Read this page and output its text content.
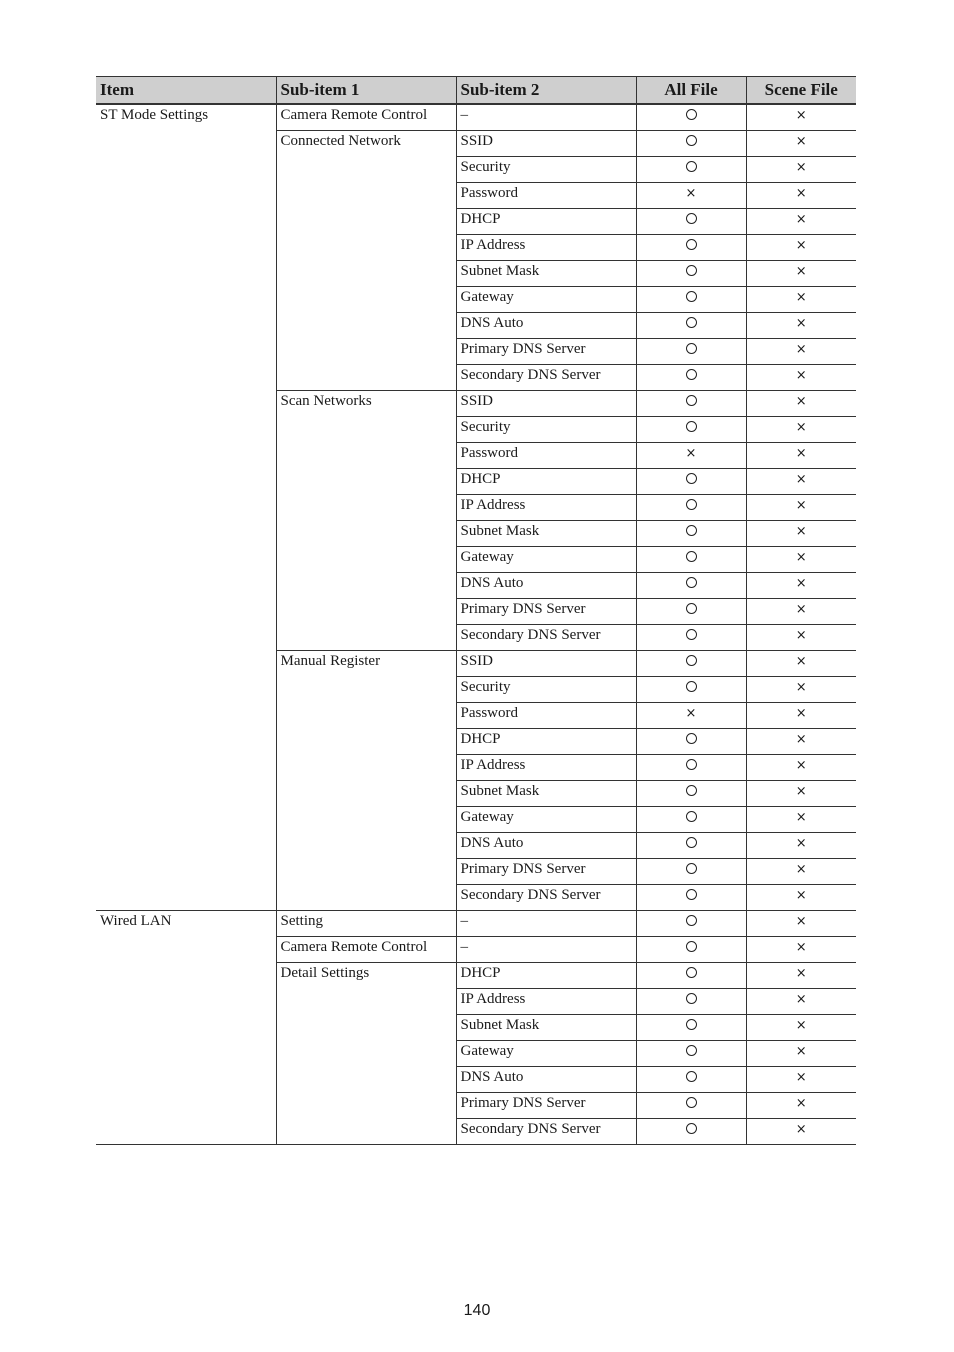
Item	Sub-item 1	Sub-item 2	All File	Scene File
ST Mode Settings	Camera Remote Control	–		×
	Connected Network	SSID		×
		Security		×
		Password	×	×
		DHCP		×
		IP Address		×
		Subnet Mask		×
		Gateway		×
		DNS Auto		×
		Primary DNS Server		×
		Secondary DNS Server		×
	Scan Networks	SSID		×
		Security		×
		Password	×	×
		DHCP		×
		IP Address		×
		Subnet Mask		×
		Gateway		×
		DNS Auto		×
		Primary DNS Server		×
		Secondary DNS Server		×
	Manual Register	SSID		×
		Security		×
		Password	×	×
		DHCP		×
		IP Address		×
		Subnet Mask		×
		Gateway		×
		DNS Auto		×
		Primary DNS Server		×
		Secondary DNS Server		×
Wired LAN	Setting	–		×
	Camera Remote Control	–		×
	Detail Settings	DHCP		×
		IP Address		×
		Subnet Mask		×
		Gateway		×
		DNS Auto		×
		Primary DNS Server		×
		Secondary DNS Server		×
140
